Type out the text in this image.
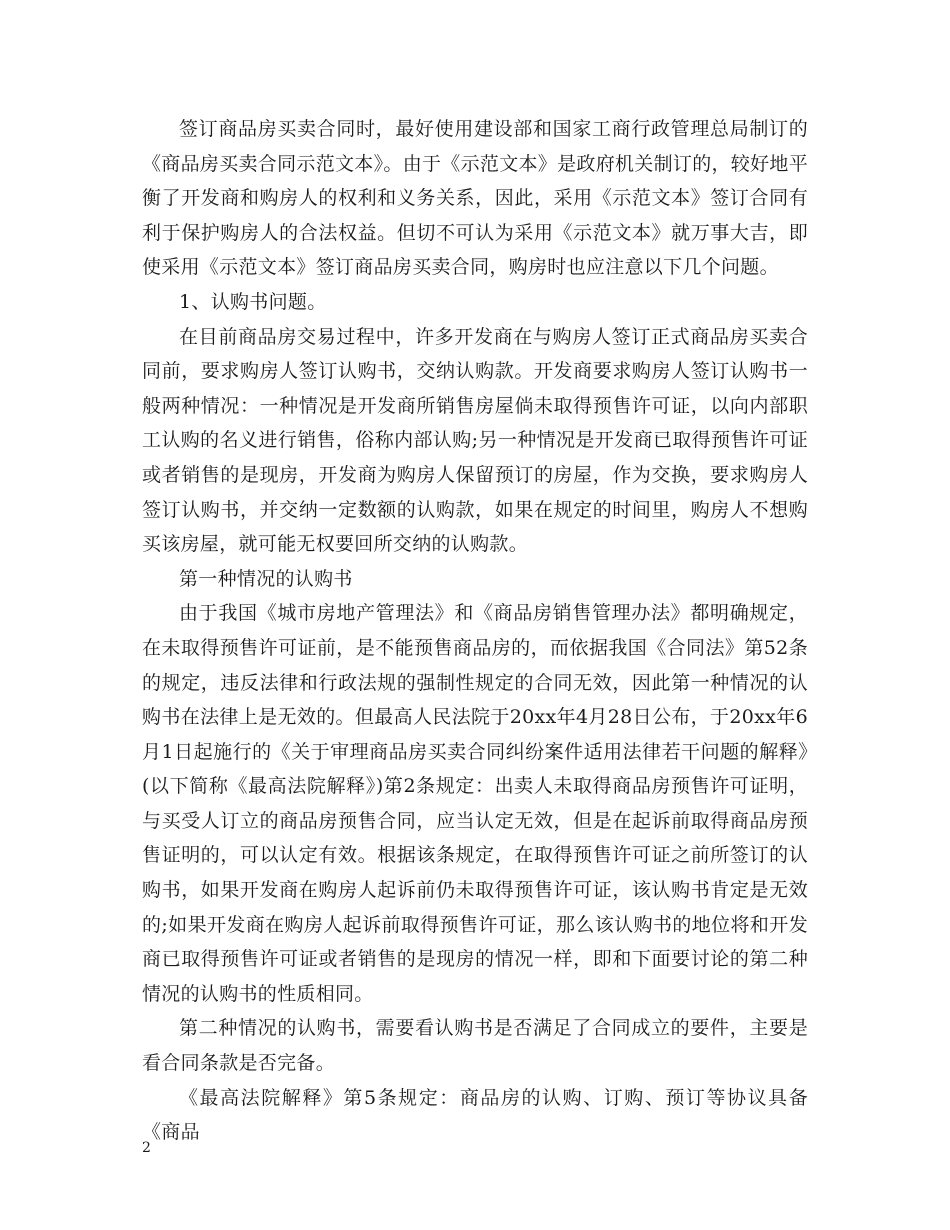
签订商品房买卖合同时，最好使用建设部和国家工商行政管理总局制订的《商品房买卖合同示范文本》。由于《示范文本》是政府机关制订的，较好地平衡了开发商和购房人的权利和义务关系，因此，采用《示范文本》签订合同有利于保护购房人的合法权益。但切不可认为采用《示范文本》就万事大吉，即使采用《示范文本》签订商品房买卖合同，购房时也应注意以下几个问题。

1、认购书问题。

在目前商品房交易过程中，许多开发商在与购房人签订正式商品房买卖合同前，要求购房人签订认购书，交纳认购款。开发商要求购房人签订认购书一般两种情况：一种情况是开发商所销售房屋倘未取得预售许可证，以向内部职工认购的名义进行销售，俗称内部认购;另一种情况是开发商已取得预售许可证或者销售的是现房，开发商为购房人保留预订的房屋，作为交换，要求购房人签订认购书，并交纳一定数额的认购款，如果在规定的时间里，购房人不想购买该房屋，就可能无权要回所交纳的认购款。

第一种情况的认购书

由于我国《城市房地产管理法》和《商品房销售管理办法》都明确规定，在未取得预售许可证前，是不能预售商品房的，而依据我国《合同法》第52条的规定，违反法律和行政法规的强制性规定的合同无效，因此第一种情况的认购书在法律上是无效的。但最高人民法院于20xx年4月28日公布，于20xx年6月1日起施行的《关于审理商品房买卖合同纠纷案件适用法律若干问题的解释》(以下简称《最高法院解释》)第2条规定：出卖人未取得商品房预售许可证明，与买受人订立的商品房预售合同，应当认定无效，但是在起诉前取得商品房预售证明的，可以认定有效。根据该条规定，在取得预售许可证之前所签订的认购书，如果开发商在购房人起诉前仍未取得预售许可证，该认购书肯定是无效的;如果开发商在购房人起诉前取得预售许可证，那么该认购书的地位将和开发商已取得预售许可证或者销售的是现房的情况一样，即和下面要讨论的第二种情况的认购书的性质相同。

第二种情况的认购书，需要看认购书是否满足了合同成立的要件，主要是看合同条款是否完备。

《最高法院解释》第5条规定：商品房的认购、订购、预订等协议具备《商品

2
